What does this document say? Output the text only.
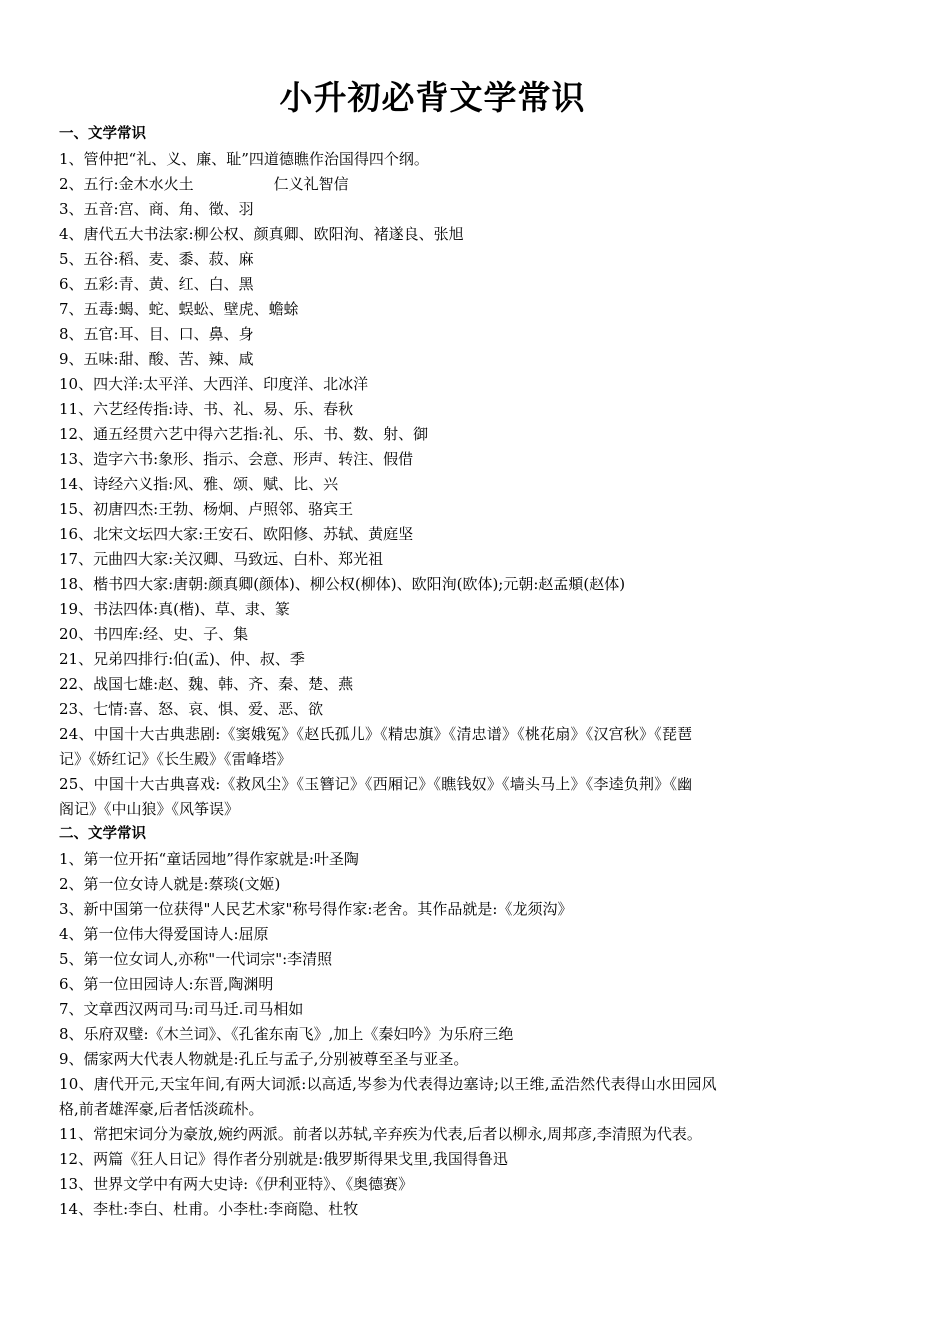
小升初必背文学常识
一、文学常识
1、管仲把“礼、义、廉、耻”四道德瞧作治国得四个纲。
2、五行:金木水火土	仁义礼智信
3、五音:宫、商、角、徵、羽
4、唐代五大书法家:柳公权、颜真卿、欧阳洵、褚遂良、张旭
5、五谷:稻、麦、黍、菽、麻
6、五彩:青、黄、红、白、黑
7、五毒:蝎、蛇、蜈蚣、壁虎、蟾蜍
8、五官:耳、目、口、鼻、身
9、五味:甜、酸、苦、辣、咸
10、四大洋:太平洋、大西洋、印度洋、北冰洋
11、六艺经传指:诗、书、礼、易、乐、春秋
12、通五经贯六艺中得六艺指:礼、乐、书、数、射、御
13、造字六书:象形、指示、会意、形声、转注、假借
14、诗经六义指:风、雅、颂、赋、比、兴
15、初唐四杰:王勃、杨炯、卢照邻、骆宾王
16、北宋文坛四大家:王安石、欧阳修、苏轼、黄庭坚
17、元曲四大家:关汉卿、马致远、白朴、郑光祖
18、楷书四大家:唐朝:颜真卿(颜体)、柳公权(柳体)、欧阳洵(欧体);元朝:赵孟頫(赵体)
19、书法四体:真(楷)、草、隶、篆
20、书四库:经、史、子、集
21、兄弟四排行:伯(孟)、仲、叔、季
22、战国七雄:赵、魏、韩、齐、秦、楚、燕
23、七情:喜、怒、哀、惧、爱、恶、欲
24、中国十大古典悲剧:《窦娥冤》《赵氏孤儿》《精忠旗》《清忠谱》《桃花扇》《汉宫秋》《琵琶
记》《娇红记》《长生殿》《雷峰塔》
25、中国十大古典喜戏:《救风尘》《玉簪记》《西厢记》《瞧钱奴》《墙头马上》《李逵负荆》《幽
阁记》《中山狼》《风筝误》
二、文学常识
1、第一位开拓“童话园地”得作家就是:叶圣陶
2、第一位女诗人就是:蔡琰(文姬)
3、新中国第一位获得"人民艺术家"称号得作家:老舍。其作品就是:《龙须沟》
4、第一位伟大得爱国诗人:屈原
5、第一位女词人,亦称"一代词宗":李清照
6、第一位田园诗人:东晋,陶渊明
7、文章西汉两司马:司马迁.司马相如
8、乐府双璧:《木兰词》、《孔雀东南飞》,加上《秦妇吟》为乐府三绝
9、儒家两大代表人物就是:孔丘与孟子,分别被尊至圣与亚圣。
10、唐代开元,天宝年间,有两大词派:以高适,岑参为代表得边塞诗;以王维,孟浩然代表得山水田园风
格,前者雄浑豪,后者恬淡疏朴。
11、常把宋词分为豪放,婉约两派。前者以苏轼,辛弃疾为代表,后者以柳永,周邦彦,李清照为代表。
12、两篇《狂人日记》得作者分别就是:俄罗斯得果戈里,我国得鲁迅
13、世界文学中有两大史诗:《伊利亚特》、《奥德赛》
14、李杜:李白、杜甫。小李杜:李商隐、杜牧
